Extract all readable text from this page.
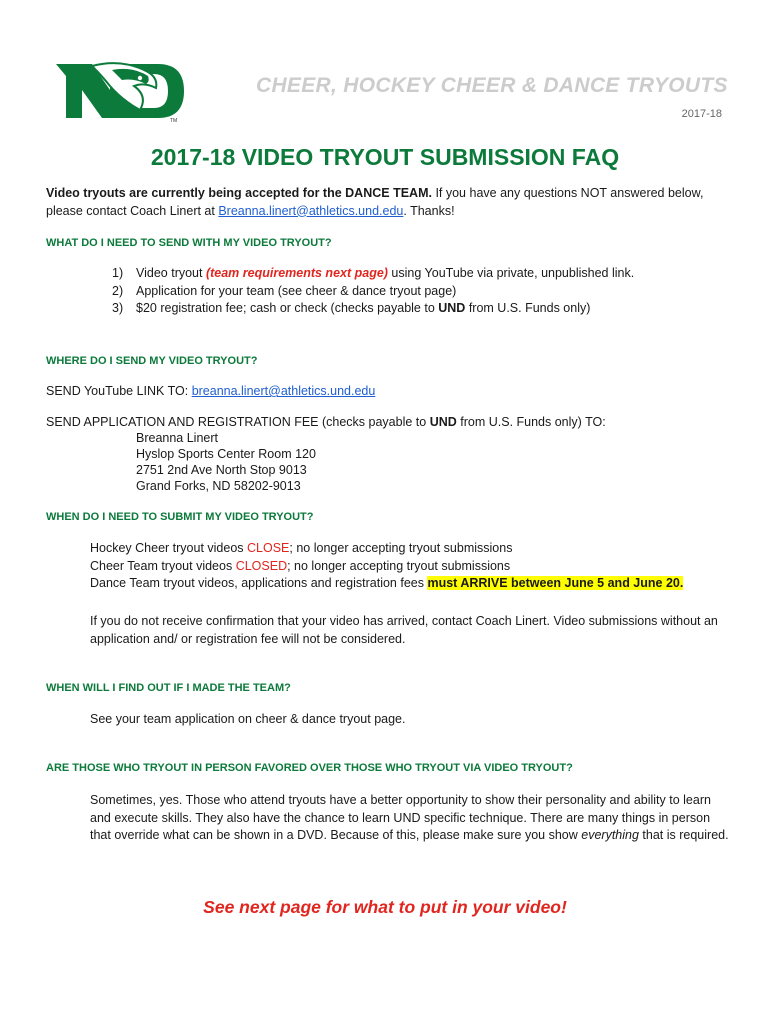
TM
CHEER, HOCKEY CHEER & DANCE TRYOUTS
2017-18
2017-18 VIDEO TRYOUT SUBMISSION FAQ
Video tryouts are currently being accepted for the DANCE TEAM. If you have any questions NOT answered below, please contact Coach Linert at Breanna.linert@athletics.und.edu. Thanks!
WHAT DO I NEED TO SEND WITH MY VIDEO TRYOUT?
1) Video tryout (team requirements next page) using YouTube via private, unpublished link.
2) Application for your team (see cheer & dance tryout page)
3) $20 registration fee; cash or check (checks payable to UND from U.S. Funds only)
WHERE DO I SEND MY VIDEO TRYOUT?
SEND YouTube LINK TO: breanna.linert@athletics.und.edu
SEND APPLICATION AND REGISTRATION FEE (checks payable to UND from U.S. Funds only) TO:
Breanna Linert
Hyslop Sports Center Room 120
2751 2nd Ave North Stop 9013
Grand Forks, ND 58202-9013
WHEN DO I NEED TO SUBMIT MY VIDEO TRYOUT?
Hockey Cheer tryout videos CLOSE; no longer accepting tryout submissions
Cheer Team tryout videos CLOSED; no longer accepting tryout submissions
Dance Team tryout videos, applications and registration fees must ARRIVE between June 5 and June 20.
If you do not receive confirmation that your video has arrived, contact Coach Linert. Video submissions without an application and/ or registration fee will not be considered.
WHEN WILL I FIND OUT IF I MADE THE TEAM?
See your team application on cheer & dance tryout page.
ARE THOSE WHO TRYOUT IN PERSON FAVORED OVER THOSE WHO TRYOUT VIA VIDEO TRYOUT?
Sometimes, yes. Those who attend tryouts have a better opportunity to show their personality and ability to learn and execute skills. They also have the chance to learn UND specific technique. There are many things in person that override what can be shown in a DVD. Because of this, please make sure you show everything that is required.
See next page for what to put in your video!
